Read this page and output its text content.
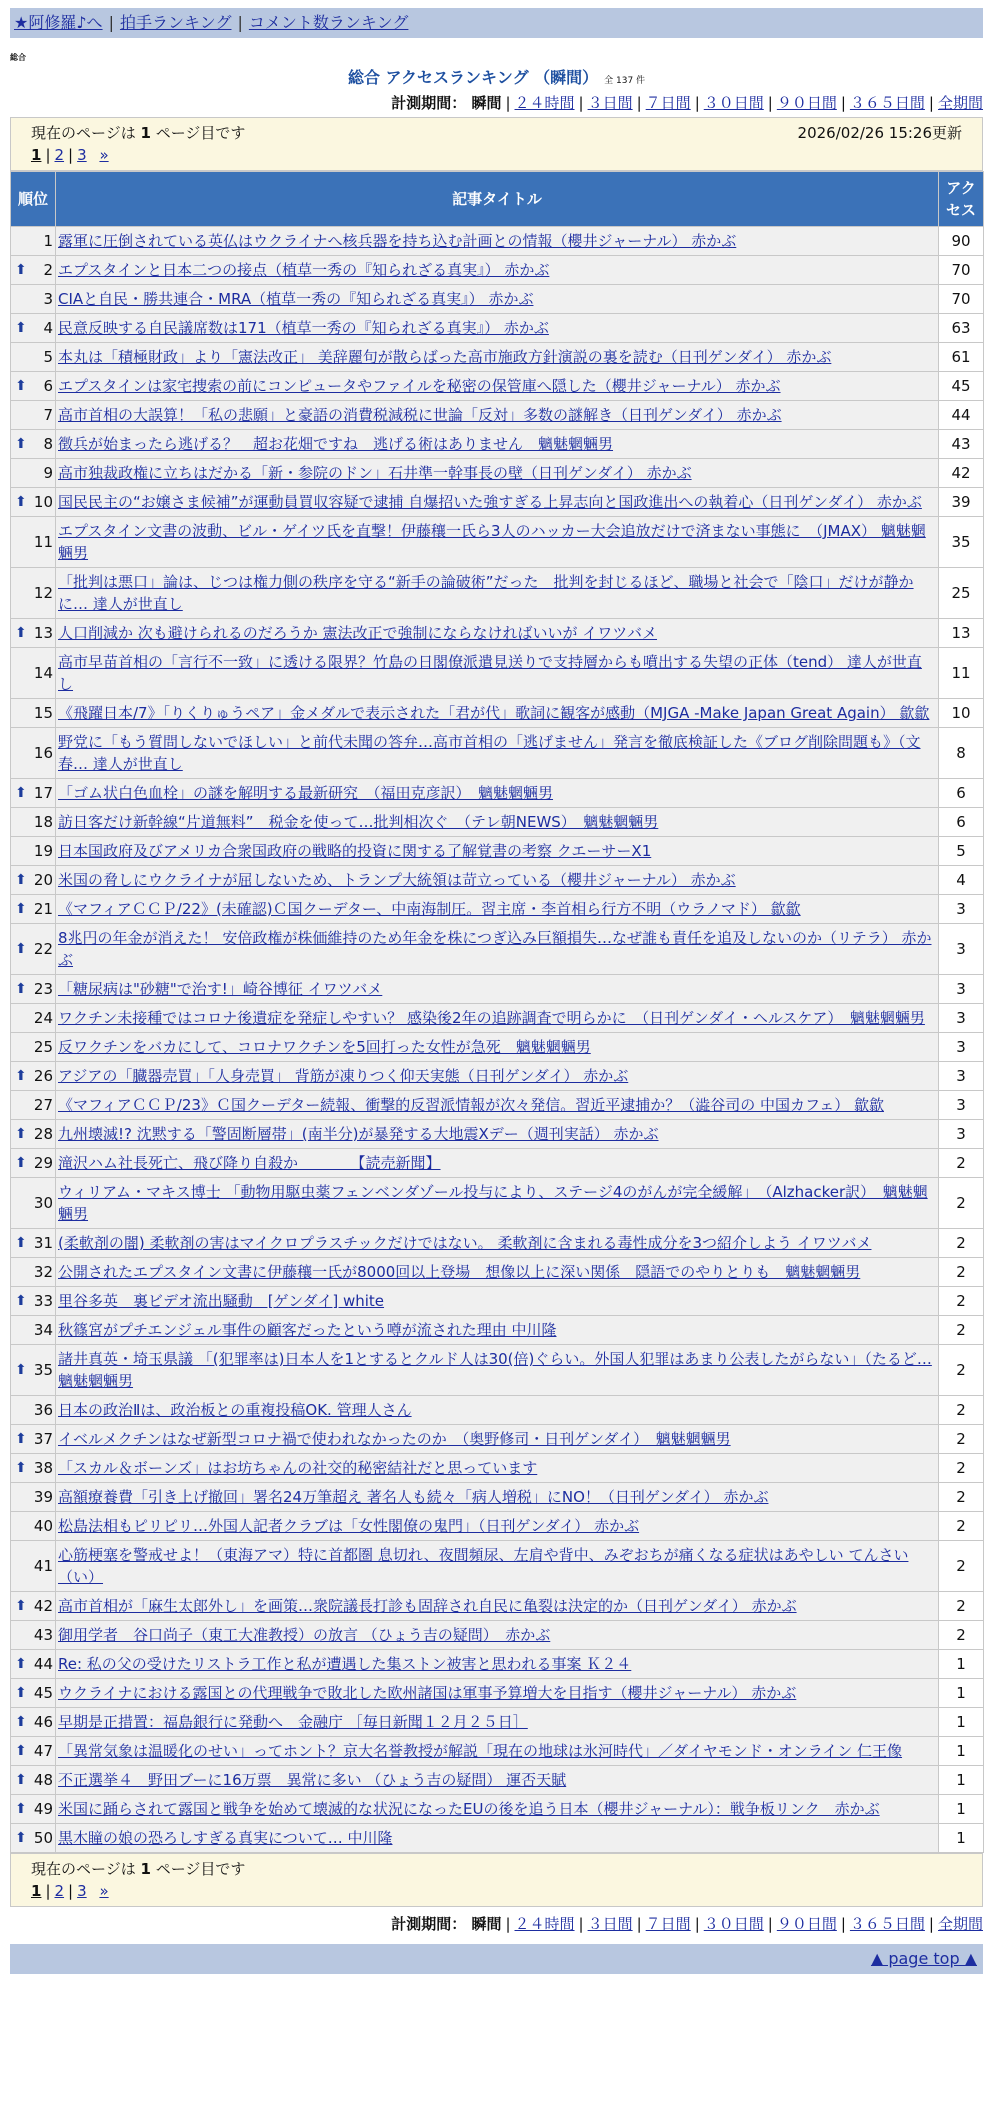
★阿修羅♪へ | 拍手ランキング | コメント数ランキング
総合
総合 アクセスランキング （瞬間） 全 137 件
計測期間： 瞬間 | ２４時間 | ３日間 | ７日間 | ３０日間 | ９０日間 | ３６５日間 | 全期間
現在のページは 1 ページ目です	2026/02/26 15:26更新
1 | 2 | 3 »
順位	記事タイトル	アクセス
1	露軍に圧倒されている英仏はウクライナへ核兵器を持ち込む計画との情報（櫻井ジャーナル） 赤かぶ	90

⬆ 2	エプスタインと日本二つの接点（植草一秀の『知られざる真実』） 赤かぶ	70
3	CIAと自民・勝共連合・MRA（植草一秀の『知られざる真実』） 赤かぶ	70

⬆ 4	民意反映する自民議席数は171（植草一秀の『知られざる真実』） 赤かぶ	63
5	本丸は「積極財政」より「憲法改正」 美辞麗句が散らばった高市施政方針演説の裏を読む（日刊ゲンダイ） 赤かぶ	61

⬆ 6	エプスタインは家宅捜索の前にコンピュータやファイルを秘密の保管庫へ隠した（櫻井ジャーナル） 赤かぶ	45
7	高市首相の大誤算！「私の悲願」と豪語の消費税減税に世論「反対」多数の謎解き（日刊ゲンダイ） 赤かぶ	44

⬆ 8	徴兵が始まったら逃げる？　超お花畑ですね　逃げる術はありません　魑魅魍魎男	43
9	高市独裁政権に立ちはだかる「新・参院のドン」石井準一幹事長の壁（日刊ゲンダイ） 赤かぶ	42

⬆ 10	国民民主の“お嬢さま候補”が運動員買収容疑で逮捕 自爆招いた強すぎる上昇志向と国政進出への執着心（日刊ゲンダイ） 赤かぶ	39
11	エプスタイン文書の波動、ビル・ゲイツ氏を直撃！伊藤穰一氏ら3人のハッカー大会追放だけで済まない事態に　（JMAX） 魑魅魍魎男	35
12	「批判は悪口」論は、じつは権力側の秩序を守る“新手の論破術”だった　批判を封じるほど、職場と社会で「陰口」だけが静かに… 達人が世直し	25

⬆ 13	人口削減か 次も避けられるのだろうか 憲法改正で強制にならなければいいが イワツバメ	13
14	高市早苗首相の「言行不一致」に透ける限界？竹島の日閣僚派遣見送りで支持層からも噴出する失望の正体（tend） 達人が世直し	11
15	《飛躍日本/7》「りくりゅうペア」金メダルで表示された「君が代」歌詞に観客が感動（MJGA -Make Japan Great Again） 歙歙	10
16	野党に「もう質問しないでほしい」と前代未聞の答弁…高市首相の「逃げません」発言を徹底検証した《ブログ削除問題も》（文春… 達人が世直し	8

⬆ 17	「ゴム状白色血栓」の謎を解明する最新研究　（福田克彦訳）　魑魅魍魎男	6
18	訪日客だけ新幹線“片道無料”　税金を使って…批判相次ぐ　（テレ朝NEWS）　魑魅魍魎男	6
19	日本国政府及びアメリカ合衆国政府の戦略的投資に関する了解覚書の考察 クエーサーX1	5

⬆ 20	米国の脅しにウクライナが屈しないため、トランプ大統領は苛立っている（櫻井ジャーナル） 赤かぶ	4

⬆ 21	《マフィアＣＣＰ/22》(未確認)Ｃ国クーデター、中南海制圧。習主席・李首相ら行方不明（ウラノマド） 歙歙	3

⬆ 22	8兆円の年金が消えた！ 安倍政権が株価維持のため年金を株につぎ込み巨額損失…なぜ誰も責任を追及しないのか（リテラ） 赤かぶ	3

⬆ 23	「糖尿病は"砂糖"で治す!」崎谷博征 イワツバメ	3
24	ワクチン未接種ではコロナ後遺症を発症しやすい？ 感染後2年の追跡調査で明らかに　（日刊ゲンダイ・ヘルスケア）　魑魅魍魎男	3
25	反ワクチンをバカにして、コロナワクチンを5回打った女性が急死　魑魅魍魎男	3

⬆ 26	アジアの「臓器売買」「人身売買」 背筋が凍りつく仰天実態（日刊ゲンダイ） 赤かぶ	3
27	《マフィアＣＣＰ/23》Ｃ国クーデター続報、衝撃的反習派情報が次々発信。習近平逮捕か？（澁谷司の 中国カフェ） 歙歙	3

⬆ 28	九州壊滅!? 沈黙する「警固断層帯」(南半分)が暴発する大地震Xデー（週刊実話） 赤かぶ	3

⬆ 29	滝沢ハム社長死亡、飛び降り自殺か　　　　【読売新聞】	2
30	ウィリアム・マキス博士 「動物用駆虫薬フェンベンダゾール投与により、ステージ4のがんが完全緩解」　（Alzhacker訳）　魑魅魍魎男	2

⬆ 31	(柔軟剤の闇) 柔軟剤の害はマイクロプラスチックだけではない。 柔軟剤に含まれる毒性成分を3つ紹介しよう イワツバメ	2
32	公開されたエプスタイン文書に伊藤穰一氏が8000回以上登場　想像以上に深い関係　隠語でのやりとりも　魑魅魍魎男	2

⬆ 33	里谷多英　裏ビデオ流出騒動　[ゲンダイ] white	2
34	秋篠宮がプチエンジェル事件の顧客だったという噂が流された理由 中川隆	2

⬆ 35	諸井真英・埼玉県議 「(犯罪率は)日本人を1とするとクルド人は30(倍)ぐらい。外国人犯罪はあまり公表したがらない」（たるど… 魑魅魍魎男	2
36	日本の政治Ⅱは、政治板との重複投稿OK. 管理人さん	2

⬆ 37	イベルメクチンはなぜ新型コロナ禍で使われなかったのか　（奥野修司・日刊ゲンダイ）　魑魅魍魎男	2

⬆ 38	「スカル＆ボーンズ」はお坊ちゃんの社交的秘密結社だと思っています	2
39	高額療養費「引き上げ撤回」署名24万筆超え 著名人も続々「病人増税」にNO！（日刊ゲンダイ） 赤かぶ	2
40	松島法相もピリピリ…外国人記者クラブは「女性閣僚の鬼門」（日刊ゲンダイ） 赤かぶ	2
41	心筋梗塞を警戒せよ！（東海アマ）特に首都圏 息切れ、夜間頻尿、左肩や背中、みぞおちが痛くなる症状はあやしい てんさい（い）	2

⬆ 42	高市首相が「麻生太郎外し」を画策…衆院議長打診も固辞され自民に亀裂は決定的か（日刊ゲンダイ） 赤かぶ	2
43	御用学者　谷口尚子（東工大准教授）の放言 （ひょう吉の疑問）　赤かぶ	2

⬆ 44	Re: 私の父の受けたリストラ工作と私が遭遇した集ストン被害と思われる事案 Ｋ２４	1

⬆ 45	ウクライナにおける露国との代理戦争で敗北した欧州諸国は軍事予算増大を目指す（櫻井ジャーナル） 赤かぶ	1

⬆ 46	早期是正措置：福島銀行に発動へ　金融庁 ［毎日新聞１２月２５日］	1

⬆ 47	「異常気象は温暖化のせい」ってホント？京大名誉教授が解説「現在の地球は氷河時代」／ダイヤモンド・オンライン 仁王像	1

⬆ 48	不正選挙４　野田ブーに16万票　異常に多い （ひょう吉の疑問） 運否天賦	1

⬆ 49	米国に踊らされて露国と戦争を始めて壊滅的な状況になったEUの後を追う日本（櫻井ジャーナル）：戦争板リンク　赤かぶ	1

⬆ 50	黒木瞳の娘の恐ろしすぎる真実について… 中川隆	1
現在のページは 1 ページ目です
1 | 2 | 3 »
計測期間： 瞬間 | ２４時間 | ３日間 | ７日間 | ３０日間 | ９０日間 | ３６５日間 | 全期間
▲ page top ▲
